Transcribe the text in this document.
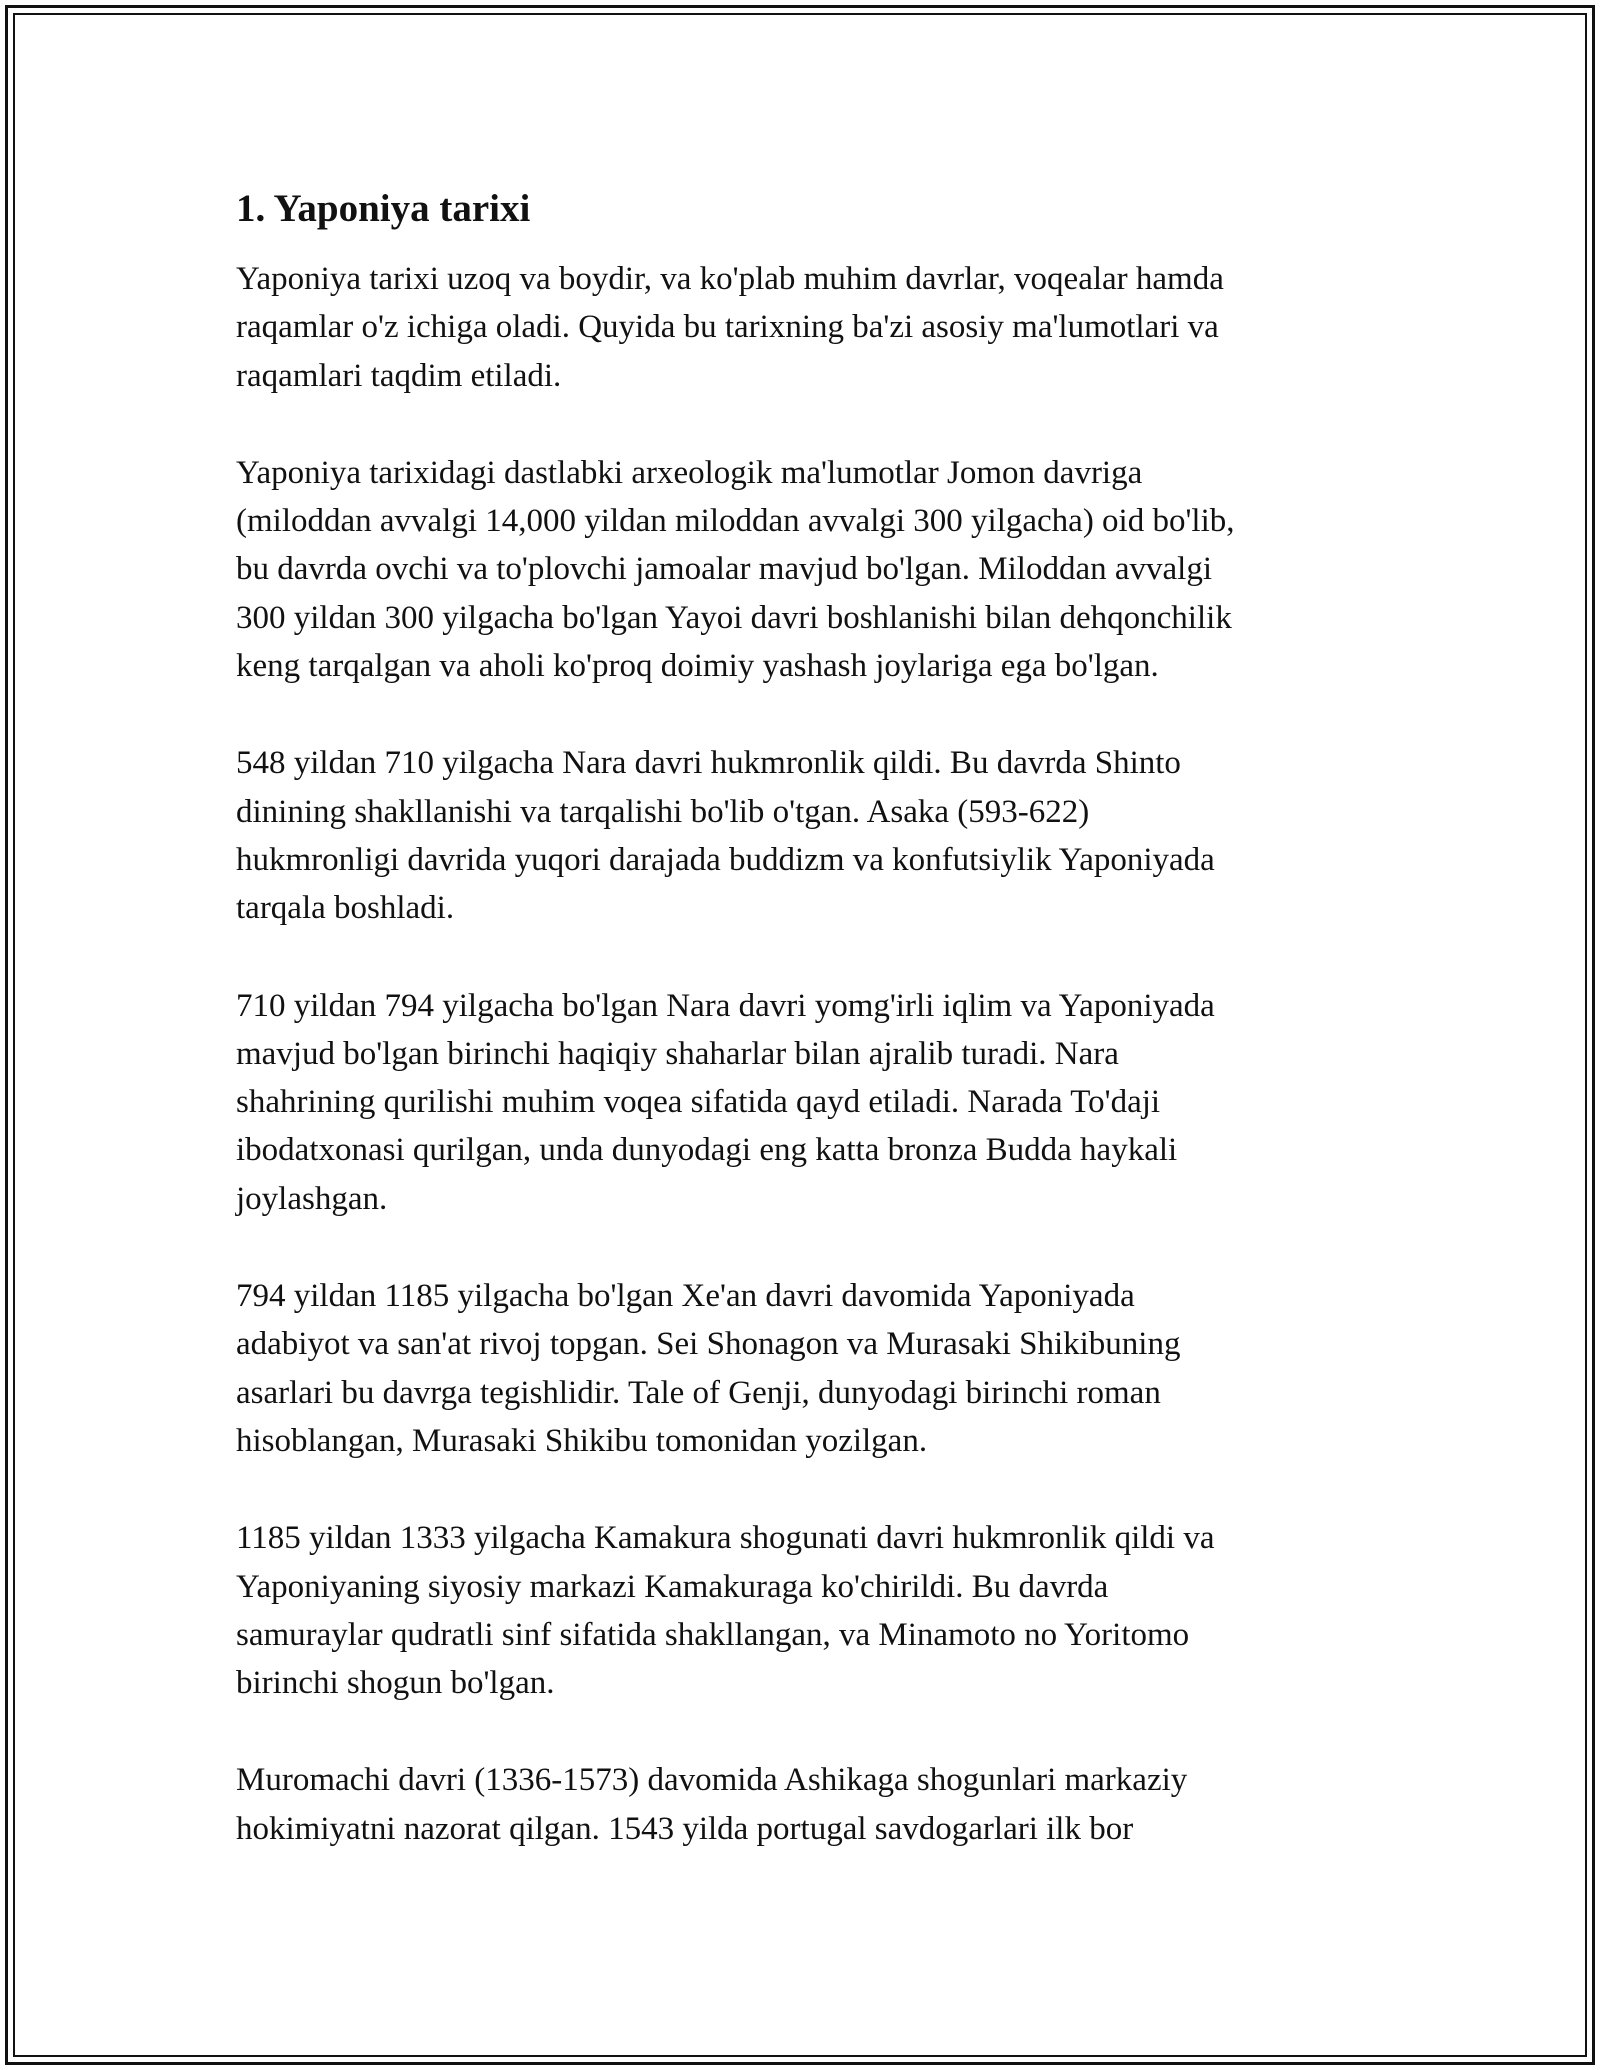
1. Yaponiya tarixi

Yaponiya tarixi uzoq va boydir, va ko'plab muhim davrlar, voqealar hamda
raqamlar o'z ichiga oladi. Quyida bu tarixning ba'zi asosiy ma'lumotlari va
raqamlari taqdim etiladi.

Yaponiya tarixidagi dastlabki arxeologik ma'lumotlar Jomon davriga
(miloddan avvalgi 14,000 yildan miloddan avvalgi 300 yilgacha) oid bo'lib,
bu davrda ovchi va to'plovchi jamoalar mavjud bo'lgan. Miloddan avvalgi
300 yildan 300 yilgacha bo'lgan Yayoi davri boshlanishi bilan dehqonchilik
keng tarqalgan va aholi ko'proq doimiy yashash joylariga ega bo'lgan.

548 yildan 710 yilgacha Nara davri hukmronlik qildi. Bu davrda Shinto
dinining shakllanishi va tarqalishi bo'lib o'tgan. Asaka (593-622)
hukmronligi davrida yuqori darajada buddizm va konfutsiylik Yaponiyada
tarqala boshladi.

710 yildan 794 yilgacha bo'lgan Nara davri yomg'irli iqlim va Yaponiyada
mavjud bo'lgan birinchi haqiqiy shaharlar bilan ajralib turadi. Nara
shahrining qurilishi muhim voqea sifatida qayd etiladi. Narada To'daji
ibodatxonasi qurilgan, unda dunyodagi eng katta bronza Budda haykali
joylashgan.

794 yildan 1185 yilgacha bo'lgan Xe'an davri davomida Yaponiyada
adabiyot va san'at rivoj topgan. Sei Shonagon va Murasaki Shikibuning
asarlari bu davrga tegishlidir. Tale of Genji, dunyodagi birinchi roman
hisoblangan, Murasaki Shikibu tomonidan yozilgan.

1185 yildan 1333 yilgacha Kamakura shogunati davri hukmronlik qildi va
Yaponiyaning siyosiy markazi Kamakuraga ko'chirildi. Bu davrda
samuraylar qudratli sinf sifatida shakllangan, va Minamoto no Yoritomo
birinchi shogun bo'lgan.

Muromachi davri (1336-1573) davomida Ashikaga shogunlari markaziy
hokimiyatni nazorat qilgan. 1543 yilda portugal savdogarlari ilk bor
